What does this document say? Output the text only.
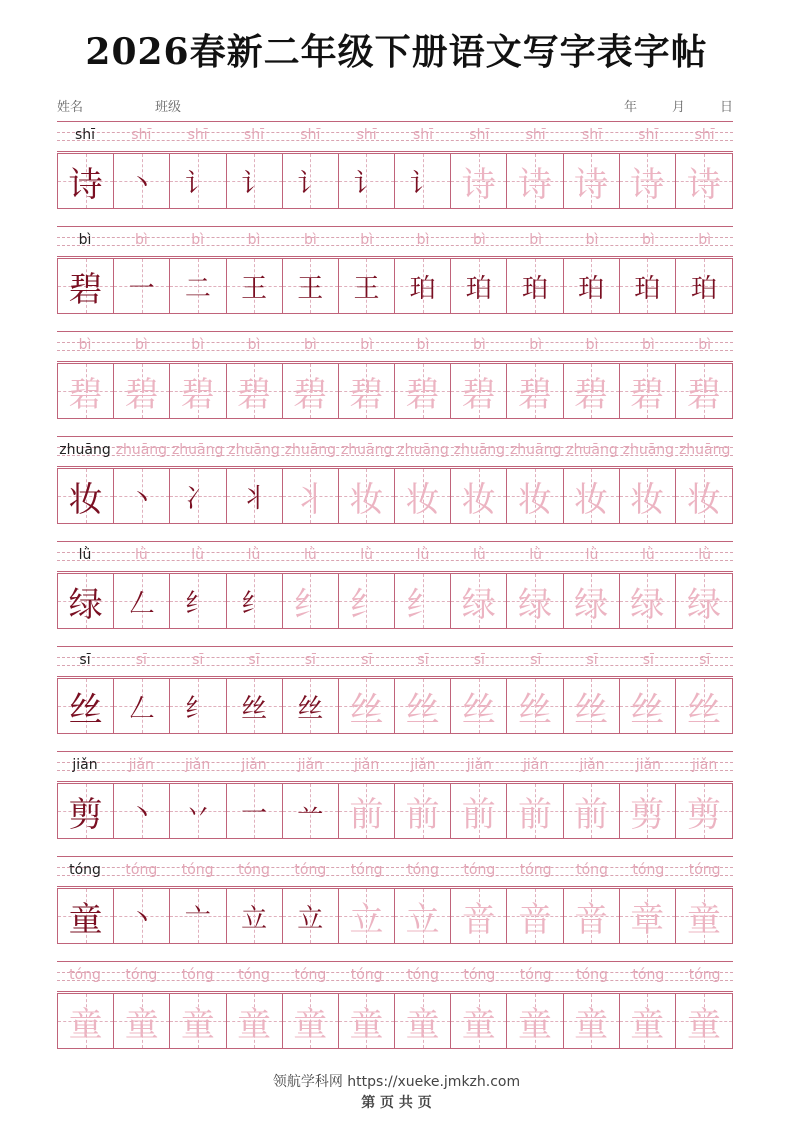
2026春新二年级下册语文写字表字帖
姓名	班级	年	月	日
shī	shī	shī	shī	shī	shī	shī	shī	shī	shī	shī	shī
诗	丶	讠	讠	讠	讠	讠 诗 诗 诗 诗 诗
bì	bì	bì	bì	bì	bì	bì	bì	bì	bì	bì	bì
碧	一	二	王	王	王	珀	珀	珀	珀	珀	珀
bì	bì	bì	bì	bì	bì	bì	bì	bì	bì	bì	bì
碧 碧 碧 碧 碧 碧 碧 碧 碧 碧 碧 碧
zhuāng zhuāng zhuāng zhuāng zhuāng zhuāng zhuāng zhuāng zhuāng zhuāng zhuāng zhuāng
妆	丶	冫	丬 丬 妆 妆 妆 妆 妆 妆 妆
lǜ	lǜ	lǜ	lǜ	lǜ	lǜ	lǜ	lǜ	lǜ	lǜ	lǜ	lǜ
绿	𠃋	纟	纟 纟 纟 纟 绿 绿 绿 绿 绿
sī	sī	sī	sī	sī	sī	sī	sī	sī	sī	sī	sī
丝	𠃋	纟	丝	丝 丝 丝 丝 丝 丝 丝 丝
jiǎn	jiǎn	jiǎn	jiǎn	jiǎn	jiǎn	jiǎn	jiǎn	jiǎn	jiǎn	jiǎn	jiǎn
剪	丶	丷	一	䒑 前 前 前 前 前 剪 剪
tóng	tóng	tóng	tóng	tóng	tóng	tóng	tóng	tóng	tóng	tóng	tóng
童	丶	亠	立	立 立 立 音 音 音 章 童
tóng	tóng	tóng	tóng	tóng	tóng	tóng	tóng	tóng	tóng	tóng	tóng
童 童 童 童 童 童 童 童 童 童 童 童
领航学科网 https://xueke.jmkzh.com
第 页 共 页
